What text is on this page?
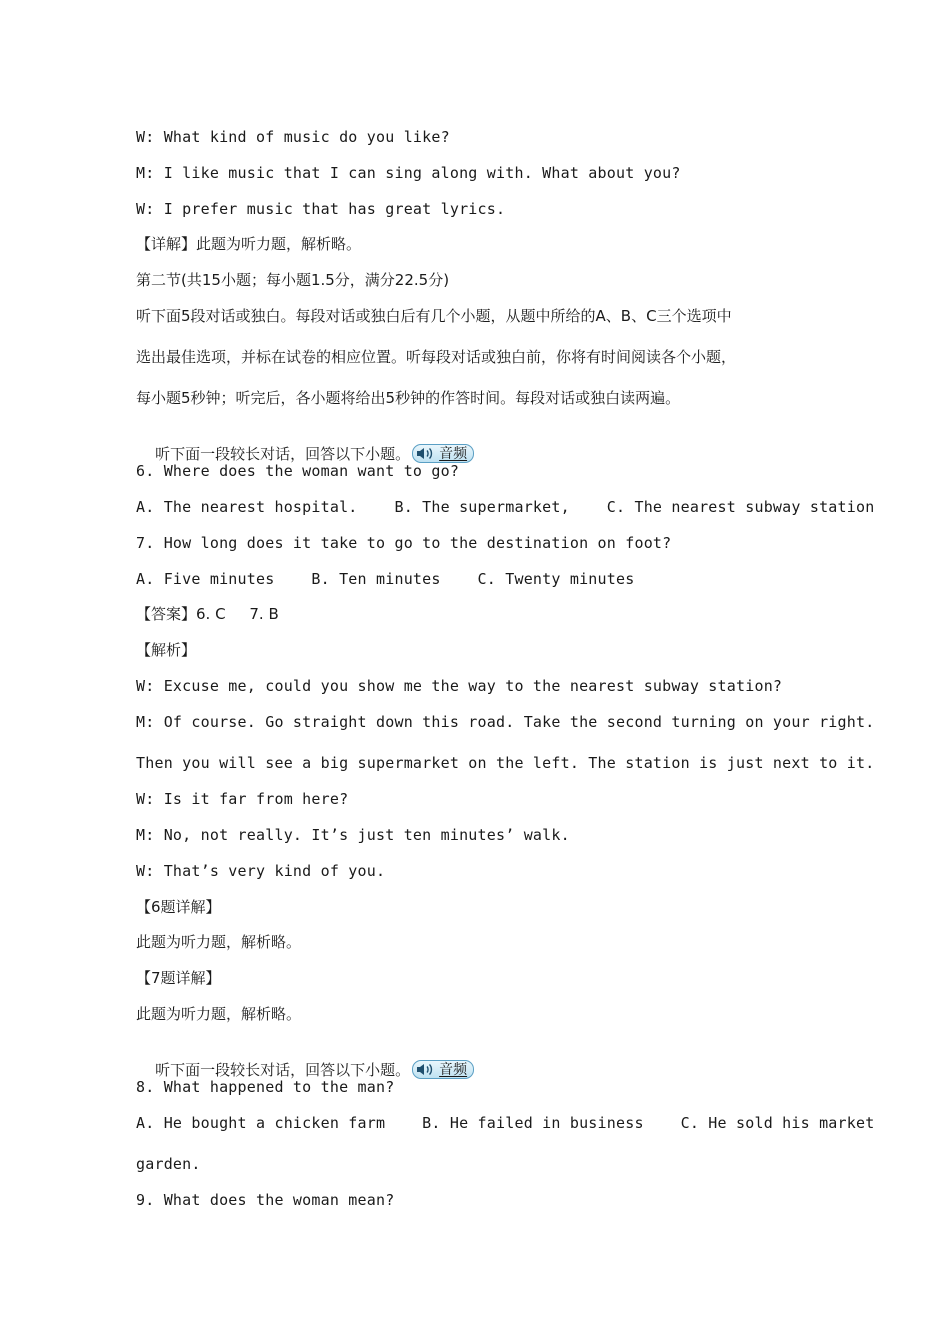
W: What kind of music do you like?
M: I like music that I can sing along with. What about you?
W: I prefer music that has great lyrics.
【详解】此题为听力题，解析略。
第二节(共15小题；每小题1.5分，满分22.5分)
听下面5段对话或独白。每段对话或独白后有几个小题，从题中所给的A、B、C三个选项中
选出最佳选项，并标在试卷的相应位置。听每段对话或独白前，你将有时间阅读各个小题，
每小题5秒钟；听完后，各小题将给出5秒钟的作答时间。每段对话或独白读两遍。

听下面一段较长对话，回答以下小题。 音频

6. Where does the woman want to go?
A. The nearest hospital.    B. The supermarket,    C. The nearest subway station
7. How long does it take to go to the destination on foot?
A. Five minutes    B. Ten minutes    C. Twenty minutes
【答案】6. C     7. B
【解析】
W: Excuse me, could you show me the way to the nearest subway station?
M: Of course. Go straight down this road. Take the second turning on your right.
Then you will see a big supermarket on the left. The station is just next to it.
W: Is it far from here?
M: No, not really. It’s just ten minutes’ walk.
W: That’s very kind of you.
【6题详解】
此题为听力题，解析略。
【7题详解】
此题为听力题，解析略。

听下面一段较长对话，回答以下小题。 音频

8. What happened to the man?
A. He bought a chicken farm    B. He failed in business    C. He sold his market
garden.
9. What does the woman mean?
